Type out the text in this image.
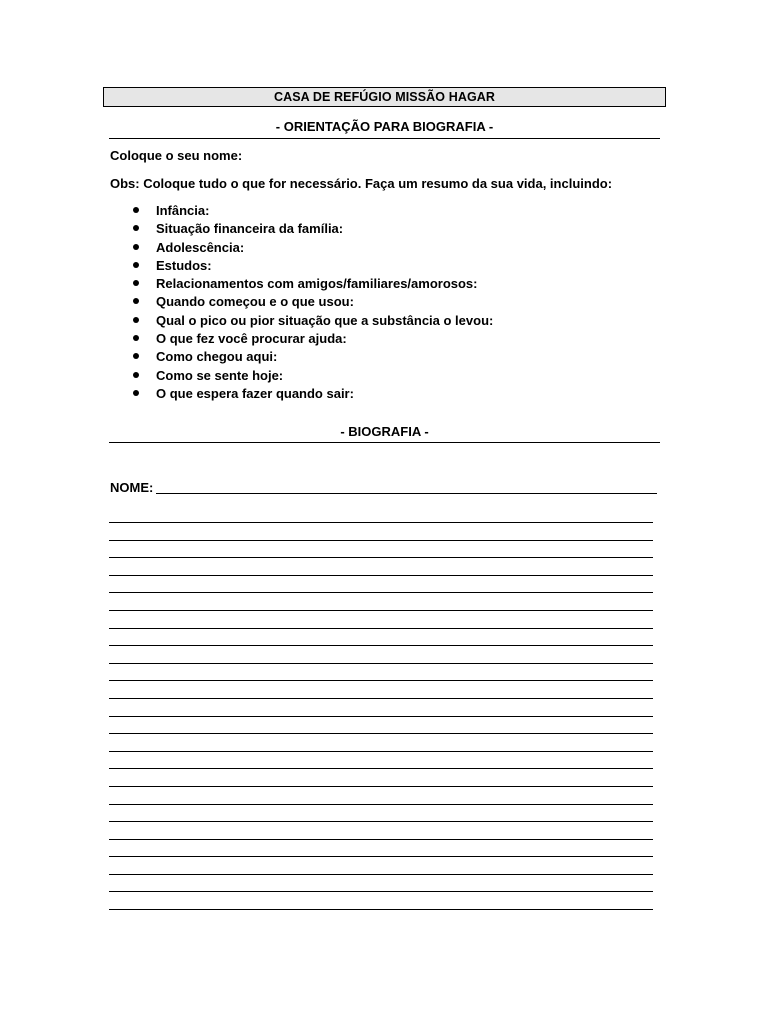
CASA DE REFÚGIO MISSÃO HAGAR
- ORIENTAÇÃO PARA BIOGRAFIA -
Coloque o seu nome:
Obs: Coloque tudo o que for necessário. Faça um resumo da sua vida, incluindo:
Infância:
Situação financeira da família:
Adolescência:
Estudos:
Relacionamentos com amigos/familiares/amorosos:
Quando começou e o que usou:
Qual o pico ou pior situação que a substância o levou:
O que fez você procurar ajuda:
Como chegou aqui:
Como se sente hoje:
O que espera fazer quando sair:
- BIOGRAFIA -
NOME:
